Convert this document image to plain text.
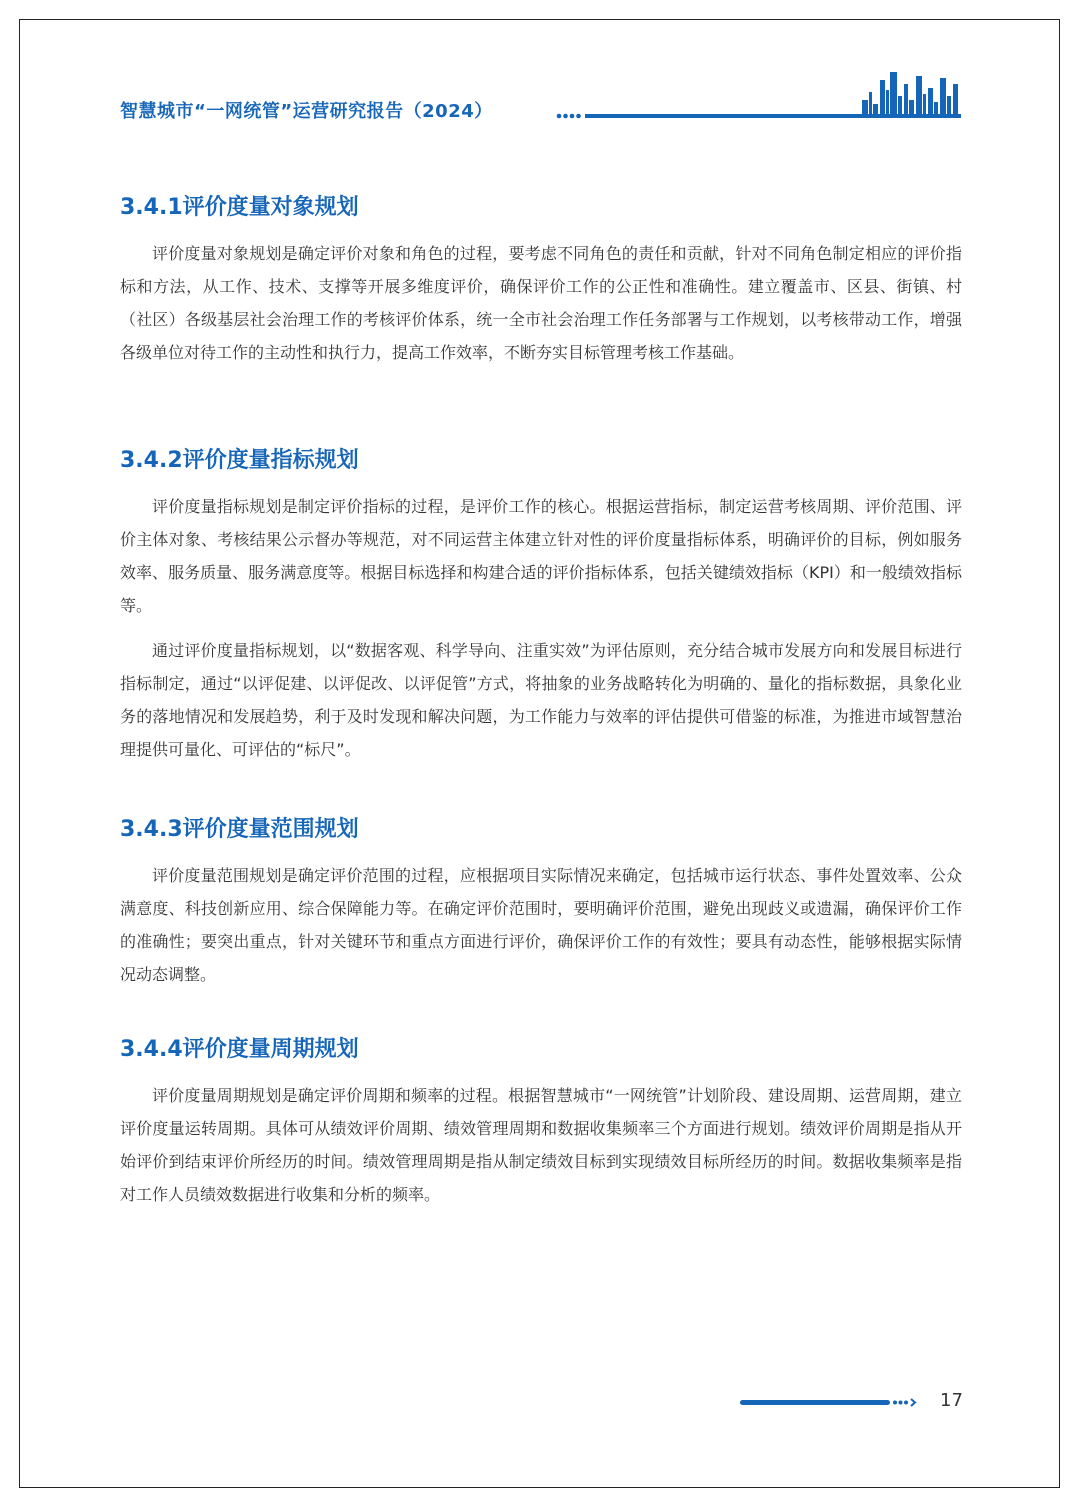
智慧城市“一网统管”运营研究报告（2024）
3.4.1评价度量对象规划

评价度量对象规划是确定评价对象和角色的过程，要考虑不同角色的责任和贡献，针对不同角色制定相应的评价指标和方法，从工作、技术、支撑等开展多维度评价，确保评价工作的公正性和准确性。建立覆盖市、区县、街镇、村（社区）各级基层社会治理工作的考核评价体系，统一全市社会治理工作任务部署与工作规划，以考核带动工作，增强各级单位对待工作的主动性和执行力，提高工作效率，不断夯实目标管理考核工作基础。

3.4.2评价度量指标规划

评价度量指标规划是制定评价指标的过程，是评价工作的核心。根据运营指标，制定运营考核周期、评价范围、评价主体对象、考核结果公示督办等规范，对不同运营主体建立针对性的评价度量指标体系，明确评价的目标，例如服务效率、服务质量、服务满意度等。根据目标选择和构建合适的评价指标体系，包括关键绩效指标（KPI）和一般绩效指标等。

通过评价度量指标规划，以“数据客观、科学导向、注重实效”为评估原则，充分结合城市发展方向和发展目标进行指标制定，通过“以评促建、以评促改、以评促管”方式，将抽象的业务战略转化为明确的、量化的指标数据，具象化业务的落地情况和发展趋势，利于及时发现和解决问题，为工作能力与效率的评估提供可借鉴的标准，为推进市域智慧治理提供可量化、可评估的“标尺”。

3.4.3评价度量范围规划

评价度量范围规划是确定评价范围的过程，应根据项目实际情况来确定，包括城市运行状态、事件处置效率、公众满意度、科技创新应用、综合保障能力等。在确定评价范围时，要明确评价范围，避免出现歧义或遗漏，确保评价工作的准确性；要突出重点，针对关键环节和重点方面进行评价，确保评价工作的有效性；要具有动态性，能够根据实际情况动态调整。

3.4.4评价度量周期规划

评价度量周期规划是确定评价周期和频率的过程。根据智慧城市“一网统管”计划阶段、建设周期、运营周期，建立评价度量运转周期。具体可从绩效评价周期、绩效管理周期和数据收集频率三个方面进行规划。绩效评价周期是指从开始评价到结束评价所经历的时间。绩效管理周期是指从制定绩效目标到实现绩效目标所经历的时间。数据收集频率是指对工作人员绩效数据进行收集和分析的频率。

17
